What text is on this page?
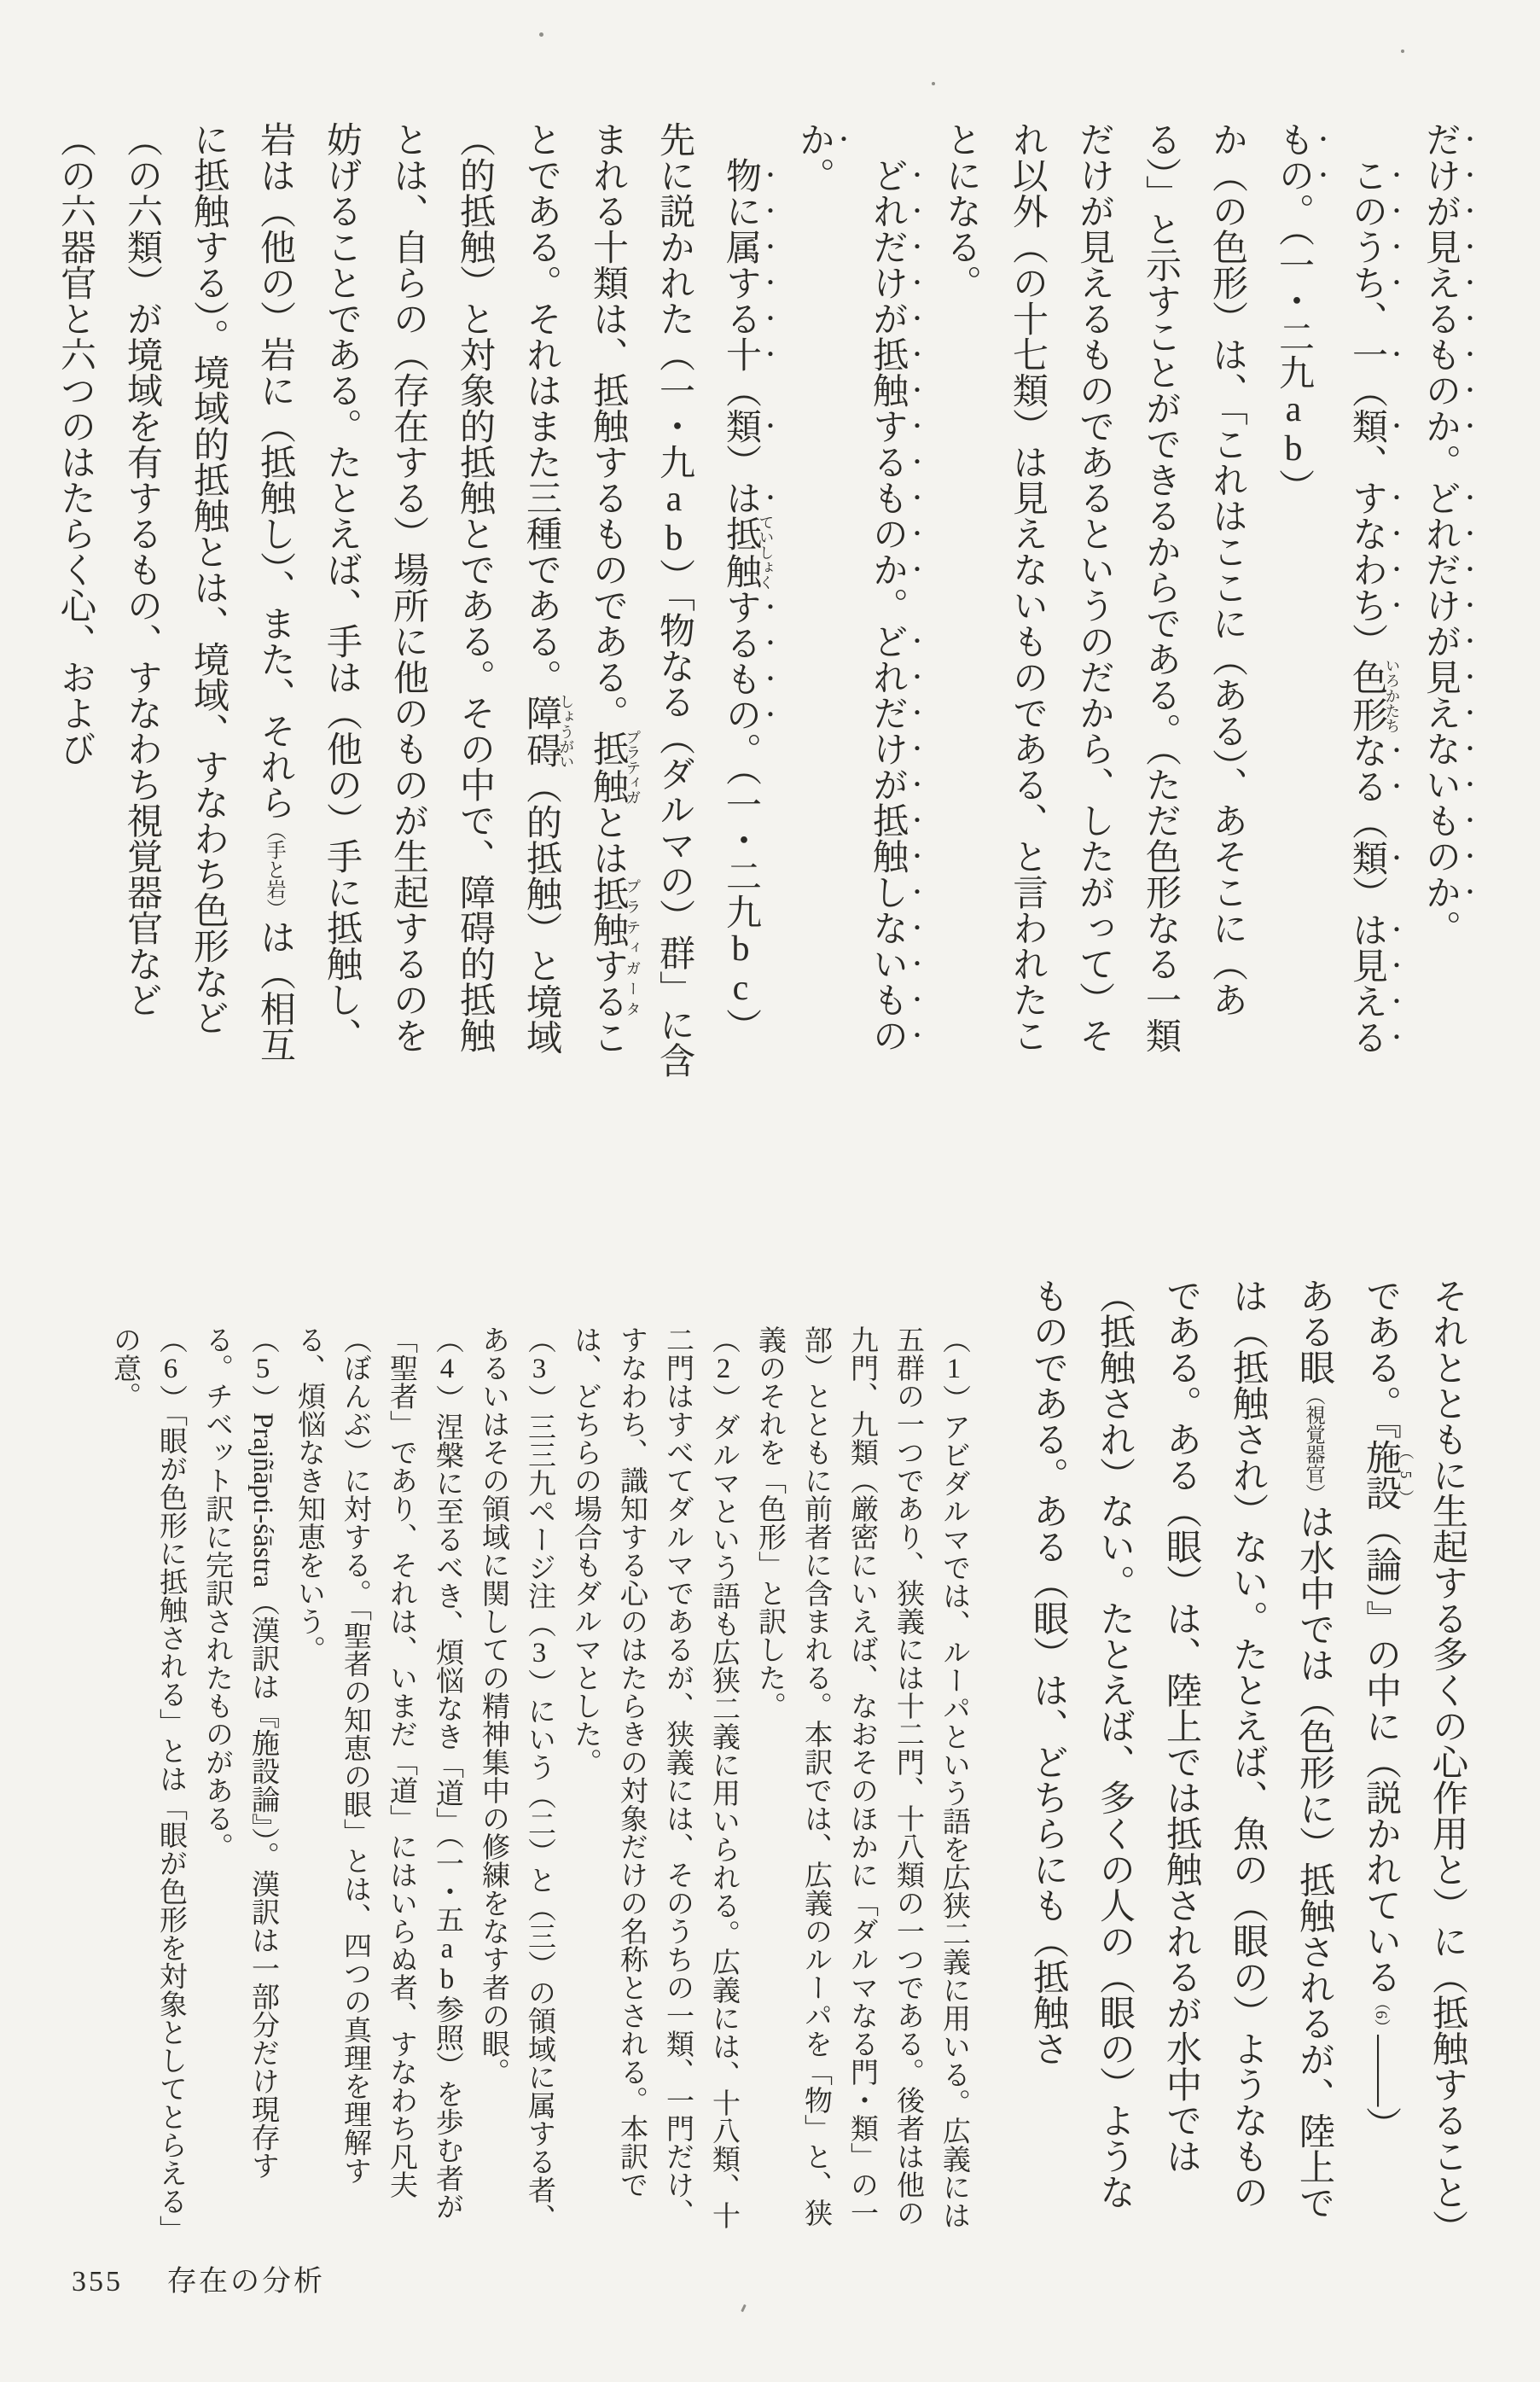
だけが見えるものか。どれだけが見えないものか。

このうち、一（類、すなわち）色形いろかたちなる（類）は見えるもの。（一・二九ab）

か（の色形）は、「これはここに（ある）、あそこに（ある）」と示すことができるからである。（ただ色形なる一類だけが見えるものであるというのだから、したがって）それ以外（の十七類）は見えないものである、と言われたことになる。

どれだけが抵触するものか。どれだけが抵触しないものか。

物に属する十（類）は抵触ていしょくするもの。（一・二九bc）

先に説かれた（一・九ab）「物なる（ダルマの）群」に含まれる十類は、抵触するものである。抵触プラティガとは抵触するプラティガータことである。それはまた三種である。障碍しょうがい（的抵触）と境域（的抵触）と対象的抵触とである。その中で、障碍的抵触とは、自らの（存在する）場所に他のものが生起するのを妨げることである。たとえば、手は（他の）手に抵触し、岩は（他の）岩に（抵触し）、また、それら（手と岩）は（相互に抵触する）。境域的抵触とは、境域、すなわち色形など（の六類）が境域を有するもの、すなわち視覚器官など（の六器官と六つのはたらく心、および

それとともに生起する多くの心作用と）に（抵触すること）である。『施設（5）（論）』の中に（説かれている（6）——）

ある眼（視覚器官）は水中では（色形に）抵触されるが、陸上では（抵触され）ない。たとえば、魚の（眼の）ようなものである。ある（眼）は、陸上では抵触されるが水中では（抵触され）ない。たとえば、多くの人の（眼の）ようなものである。ある（眼）は、どちらにも（抵触さ

（1）アビダルマでは、ルーパという語を広狭二義に用いる。広義には五群の一つであり、狭義には十二門、十八類の一つである。後者は他の九門、九類（厳密にいえば、なおそのほかに「ダルマなる門・類」の一部）とともに前者に含まれる。本訳では、広義のルーパを「物」と、狭義のそれを「色形」と訳した。

（2）ダルマという語も広狭二義に用いられる。広義には、十八類、十二門はすべてダルマであるが、狭義には、そのうちの一類、一門だけ、すなわち、識知する心のはたらきの対象だけの名称とされる。本訳では、どちらの場合もダルマとした。

（3）三三九ページ注（3）にいう（二）と（三）の領域に属する者、あるいはその領域に関しての精神集中の修練をなす者の眼。

（4）涅槃に至るべき、煩悩なき「道」（一・五ab参照）を歩む者が「聖者」であり、それは、いまだ「道」にはいらぬ者、すなわち凡夫（ぼんぶ）に対する。「聖者の知恵の眼」とは、四つの真理を理解する、煩悩なき知恵をいう。

（5）Prajñāpti-śāstra（漢訳は『施設論』）。漢訳は一部分だけ現存する。チベット訳に完訳されたものがある。

（6）「眼が色形に抵触される」とは「眼が色形を対象としてとらえる」の意。

355 存在の分析
